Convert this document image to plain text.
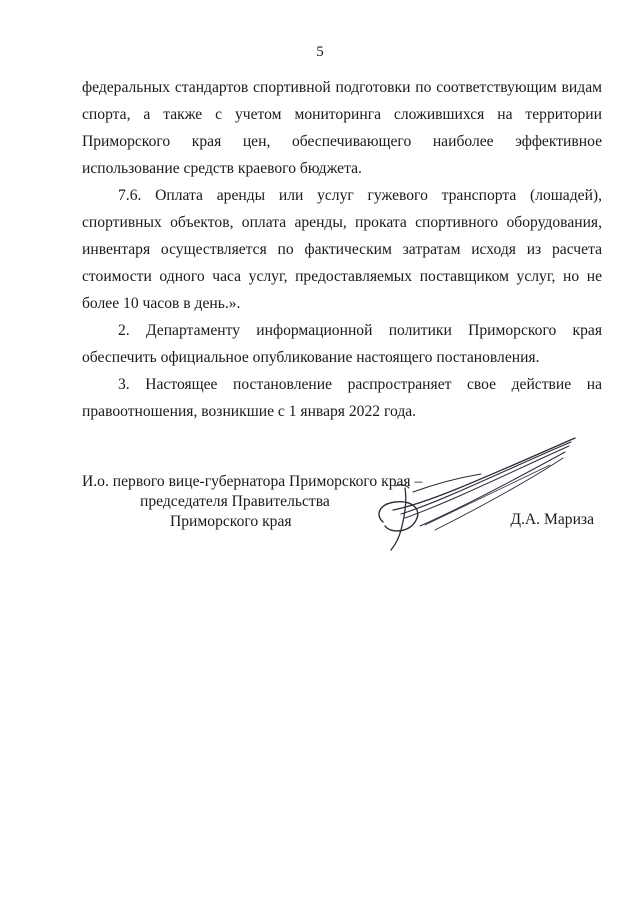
5

федеральных стандартов спортивной подготовки по соответствующим видам спорта, а также с учетом мониторинга сложившихся на территории Приморского края цен, обеспечивающего наиболее эффективное использование средств краевого бюджета.

7.6. Оплата аренды или услуг гужевого транспорта (лошадей), спортивных объектов, оплата аренды, проката спортивного оборудования, инвентаря осуществляется по фактическим затратам исходя из расчета стоимости одного часа услуг, предоставляемых поставщиком услуг, но не более 10 часов в день.».

2. Департаменту информационной политики Приморского края обеспечить официальное опубликование настоящего постановления.

3. Настоящее постановление распространяет свое действие на правоотношения, возникшие с 1 января 2022 года.

И.о. первого вице-губернатора Приморского края –
председателя Правительства
Приморского края	Д.А. Мариза
